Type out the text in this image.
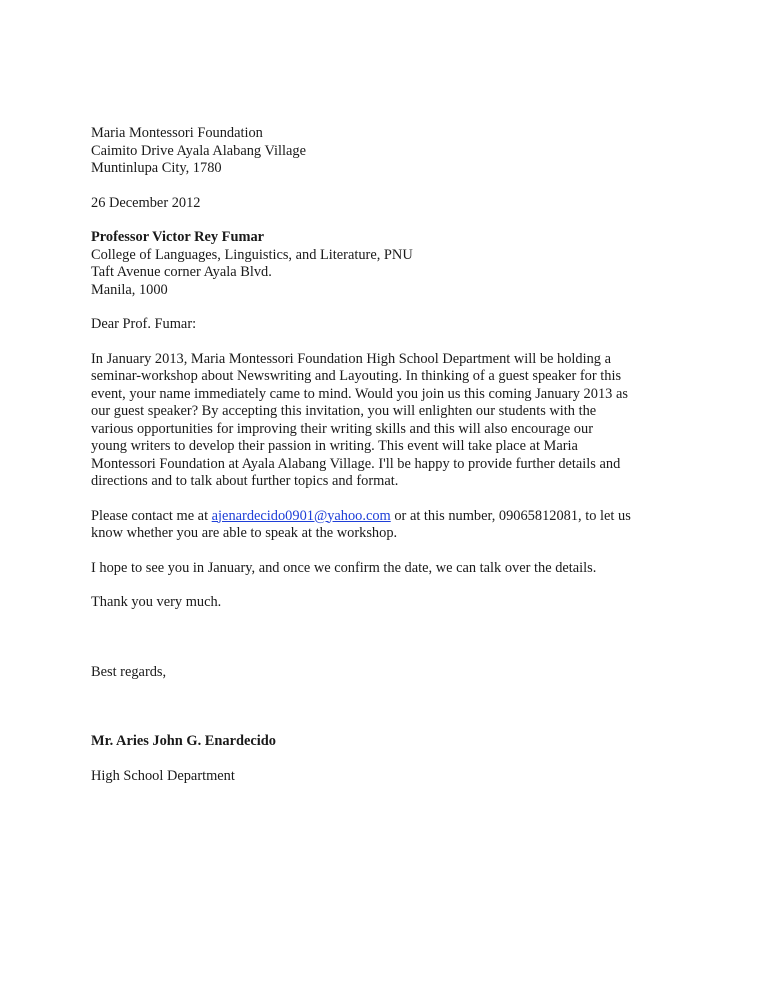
Maria Montessori Foundation
Caimito Drive Ayala Alabang Village
Muntinlupa City, 1780
26 December 2012
Professor Victor Rey Fumar
College of Languages, Linguistics, and Literature, PNU
Taft Avenue corner Ayala Blvd.
Manila, 1000
Dear Prof. Fumar:
In January 2013, Maria Montessori Foundation High School Department will be holding a
seminar-workshop about Newswriting and Layouting. In thinking of a guest speaker for this
event, your name immediately came to mind. Would you join us this coming January 2013 as
our guest speaker? By accepting this invitation, you will enlighten our students with the
various opportunities for improving their writing skills and this will also encourage our
young writers to develop their passion in writing. This event will take place at Maria
Montessori Foundation at Ayala Alabang Village. I'll be happy to provide further details and
directions and to talk about further topics and format.
Please contact me at ajenardecido0901@yahoo.com or at this number, 09065812081, to let us
know whether you are able to speak at the workshop.
I hope to see you in January, and once we confirm the date, we can talk over the details.
Thank you very much.
Best regards,
Mr. Aries John G. Enardecido
High School Department
